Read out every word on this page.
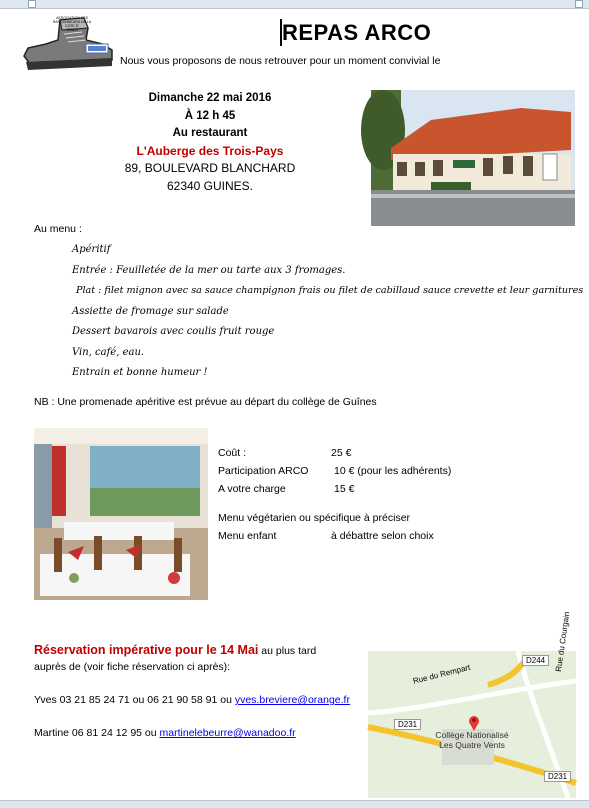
ASSOCIATION DES
RANDONNEURS DE LA
COTE D'
OPALE	REPAS ARCO
Nous vous proposons de nous retrouver pour un moment convivial le
Dimanche 22 mai 2016
À 12 h 45
Au restaurant
L'Auberge des Trois-Pays
89, BOULEVARD BLANCHARD
62340 GUINES.
Au menu :
Apéritif
Entrée : Feuilletée de la mer ou tarte aux 3 fromages.
Plat : filet mignon avec sa sauce champignon frais ou filet de cabillaud sauce crevette et leur garnitures
Assiette de fromage sur salade
Dessert bavarois avec coulis fruit rouge
Vin, café, eau.
Entrain et bonne humeur !
NB : Une promenade apéritive est prévue au départ du collège de Guînes
Coût :	25 €
Participation ARCO	10 € (pour les adhérents)
A votre charge	15 €
Menu végétarien ou spécifique à préciser
Menu enfant	à débattre selon choix
Réservation impérative pour le 14 Mai au plus tard
auprès de (voir fiche réservation ci après):
Yves 03 21 85 24 71 ou 06 21 90 58 91 ou yves.breviere@orange.fr
Martine 06 81 24 12 95 ou martinelebeurre@wanadoo.fr
D244
D231
D231
Rue du Rempart
Rue du Courgain
Collège Nationalisé
Les Quatre Vents
